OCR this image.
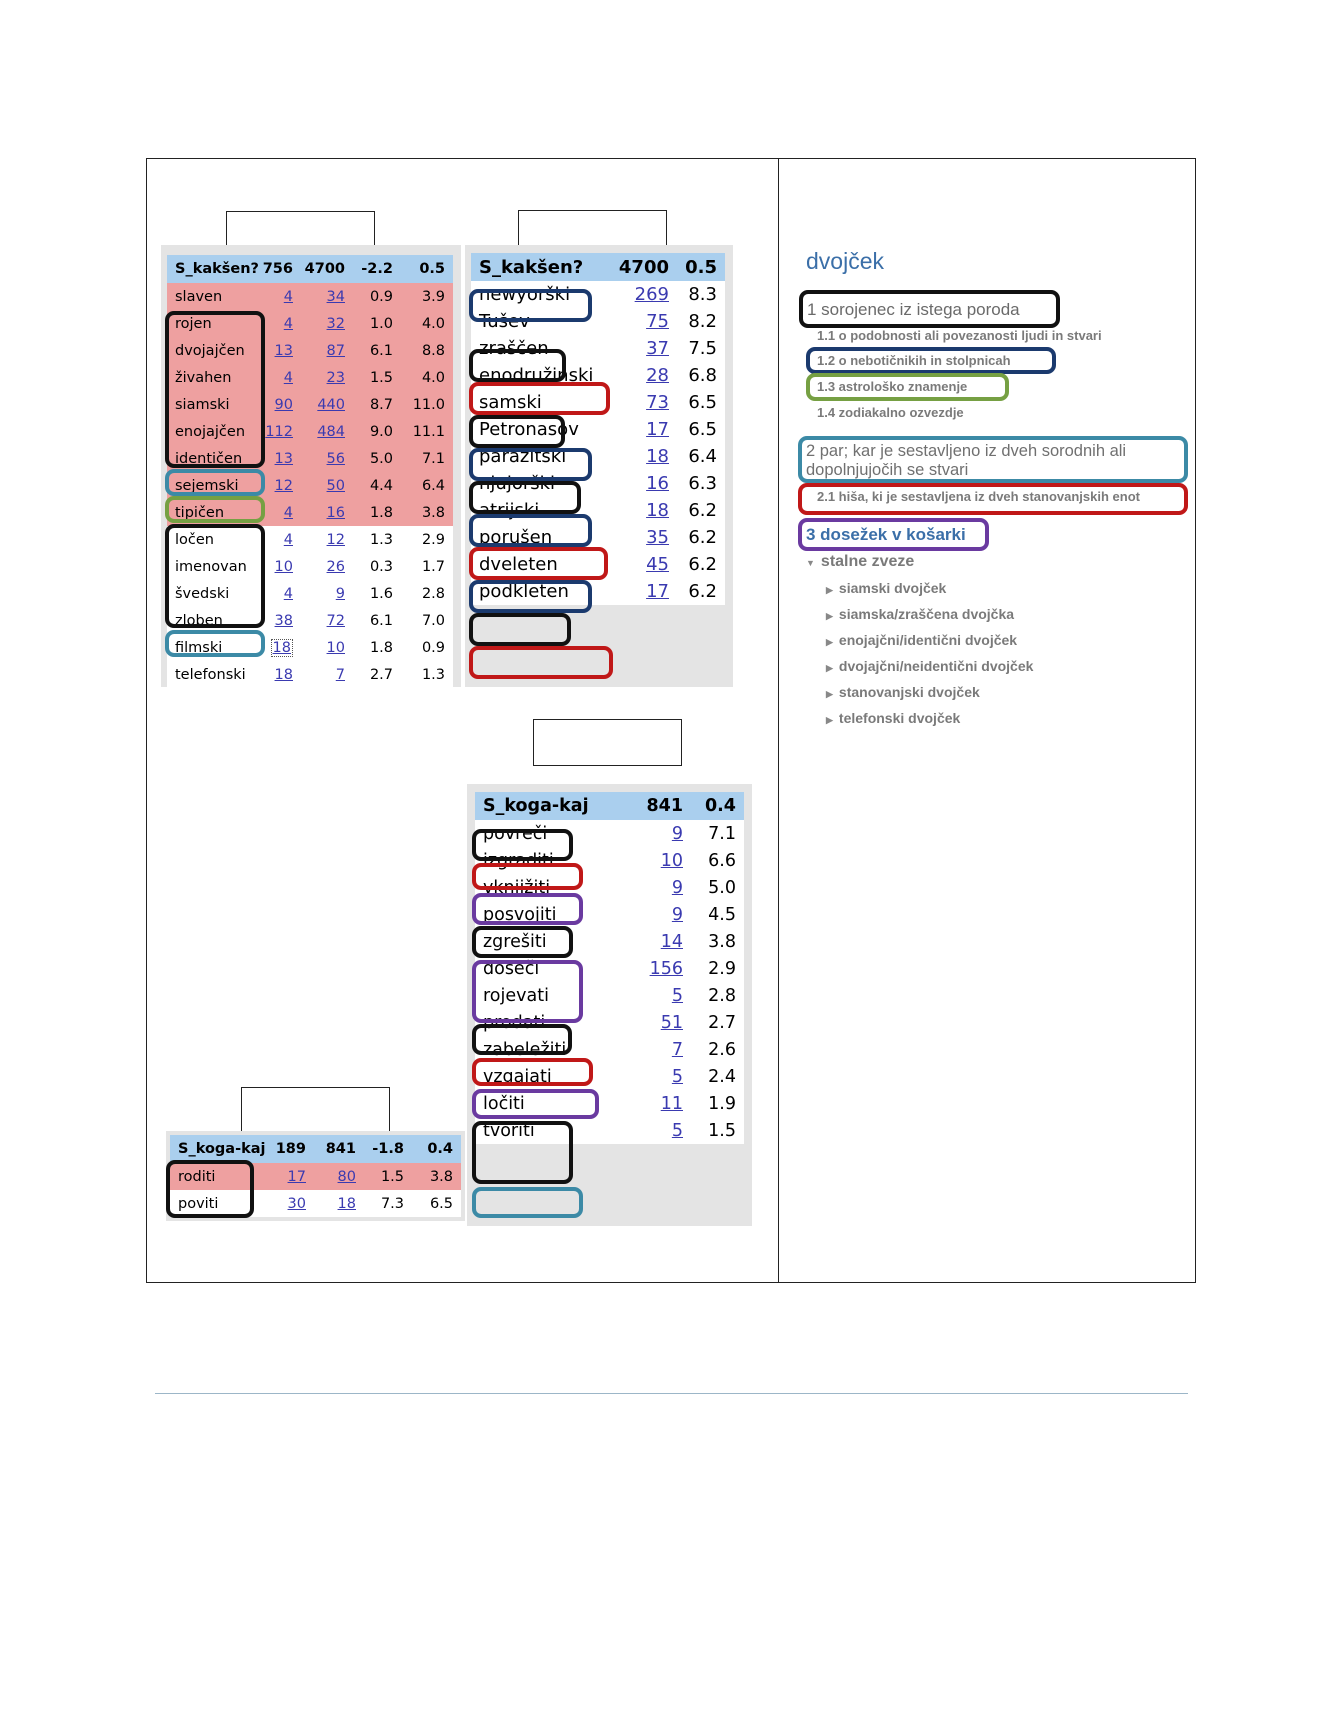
S_kakšen?	756	4700	-2.2	0.5
slaven	4	34	0.9	3.9
rojen	4	32	1.0	4.0
dvojajčen	13	87	6.1	8.8
živahen	4	23	1.5	4.0
siamski	90	440	8.7	11.0
enojajčen	112	484	9.0	11.1
identičen	13	56	5.0	7.1
sejemski	12	50	4.4	6.4
tipičen	4	16	1.8	3.8
ločen	4	12	1.3	2.9
imenovan	10	26	0.3	1.7
švedski	4	9	1.6	2.8
zloben	38	72	6.1	7.0
filmski	18	10	1.8	0.9
telefonski	18	7	2.7	1.3
S_kakšen?	4700	0.5
newyorški	269	8.3
Tušev	75	8.2
zraščen	37	7.5
enodružinski	28	6.8
samski	73	6.5
Petronasov	17	6.5
parazitski	18	6.4
njujorški	16	6.3
atrijski	18	6.2
porušen	35	6.2
dveleten	45	6.2
podkleten	17	6.2
S_koga-kaj	841	0.4
povreči	9	7.1
izgraditi	10	6.6
vknjižiti	9	5.0
posvojiti	9	4.5
zgrešiti	14	3.8
doseči	156	2.9
rojevati	5	2.8
prodati	51	2.7
zabeležiti	7	2.6
vzgajati	5	2.4
ločiti	11	1.9
tvoriti	5	1.5
S_koga-kaj	189	841	-1.8	0.4
roditi	17	80	1.5	3.8
poviti	30	18	7.3	6.5
dvojček
1 sorojenec iz istega poroda
1.1 o podobnosti ali povezanosti ljudi in stvari
1.2 o nebotičnikih in stolpnicah
1.3 astrološko znamenje
1.4 zodiakalno ozvezdje
2 par; kar je sestavljeno iz dveh sorodnih ali
dopolnjujočih se stvari
2.1 hiša, ki je sestavljena iz dveh stanovanjskih enot
3 dosežek v košarki
▼ stalne zveze
▶ siamski dvojček
▶ siamska/zraščena dvojčka
▶ enojajčni/identični dvojček
▶ dvojajčni/neidentični dvojček
▶ stanovanjski dvojček
▶ telefonski dvojček
